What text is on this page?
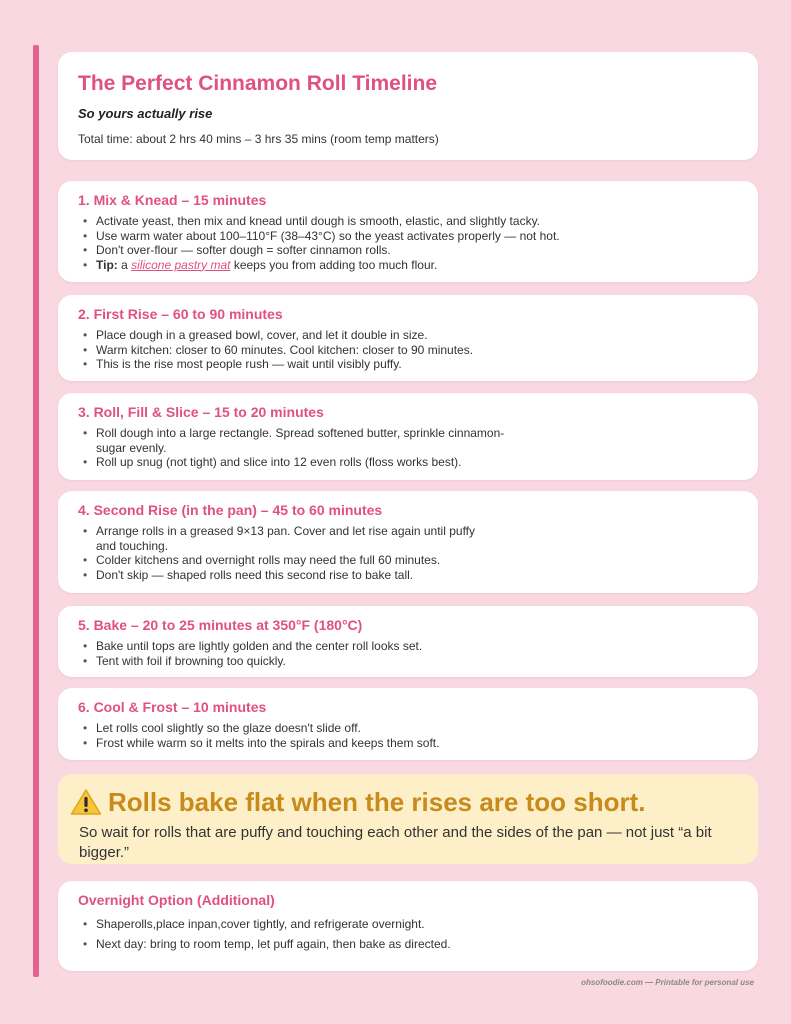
The Perfect Cinnamon Roll Timeline
So yours actually rise
Total time: about 2 hrs 40 mins – 3 hrs 35 mins (room temp matters)
1. Mix & Knead – 15 minutes
• Activate yeast, then mix and knead until dough is smooth, elastic, and slightly tacky.
• Use warm water about 100–110°F (38–43°C) so the yeast activates properly — not hot.
• Don't over-flour — softer dough = softer cinnamon rolls.
• Tip: a silicone pastry mat keeps you from adding too much flour.
2. First Rise – 60 to 90 minutes
• Place dough in a greased bowl, cover, and let it double in size.
• Warm kitchen: closer to 60 minutes. Cool kitchen: closer to 90 minutes.
• This is the rise most people rush — wait until visibly puffy.
3. Roll, Fill & Slice – 15 to 20 minutes
• Roll dough into a large rectangle. Spread softened butter, sprinkle cinnamon-sugar evenly.
• Roll up snug (not tight) and slice into 12 even rolls (floss works best).
4. Second Rise (in the pan) – 45 to 60 minutes
• Arrange rolls in a greased 9×13 pan. Cover and let rise again until puffy and touching.
• Colder kitchens and overnight rolls may need the full 60 minutes.
• Don't skip — shaped rolls need this second rise to bake tall.
5. Bake – 20 to 25 minutes at 350°F (180°C)
• Bake until tops are lightly golden and the center roll looks set.
• Tent with foil if browning too quickly.
6. Cool & Frost – 10 minutes
• Let rolls cool slightly so the glaze doesn't slide off.
• Frost while warm so it melts into the spirals and keeps them soft.
Rolls bake flat when the rises are too short.
So wait for rolls that are puffy and touching each other and the sides of the pan — not just “a bit bigger.”
Overnight Option (Additional)
• Shaperolls,place inpan,cover tightly, and refrigerate overnight.
• Next day: bring to room temp, let puff again, then bake as directed.
ohsofoodie.com — Printable for personal use
